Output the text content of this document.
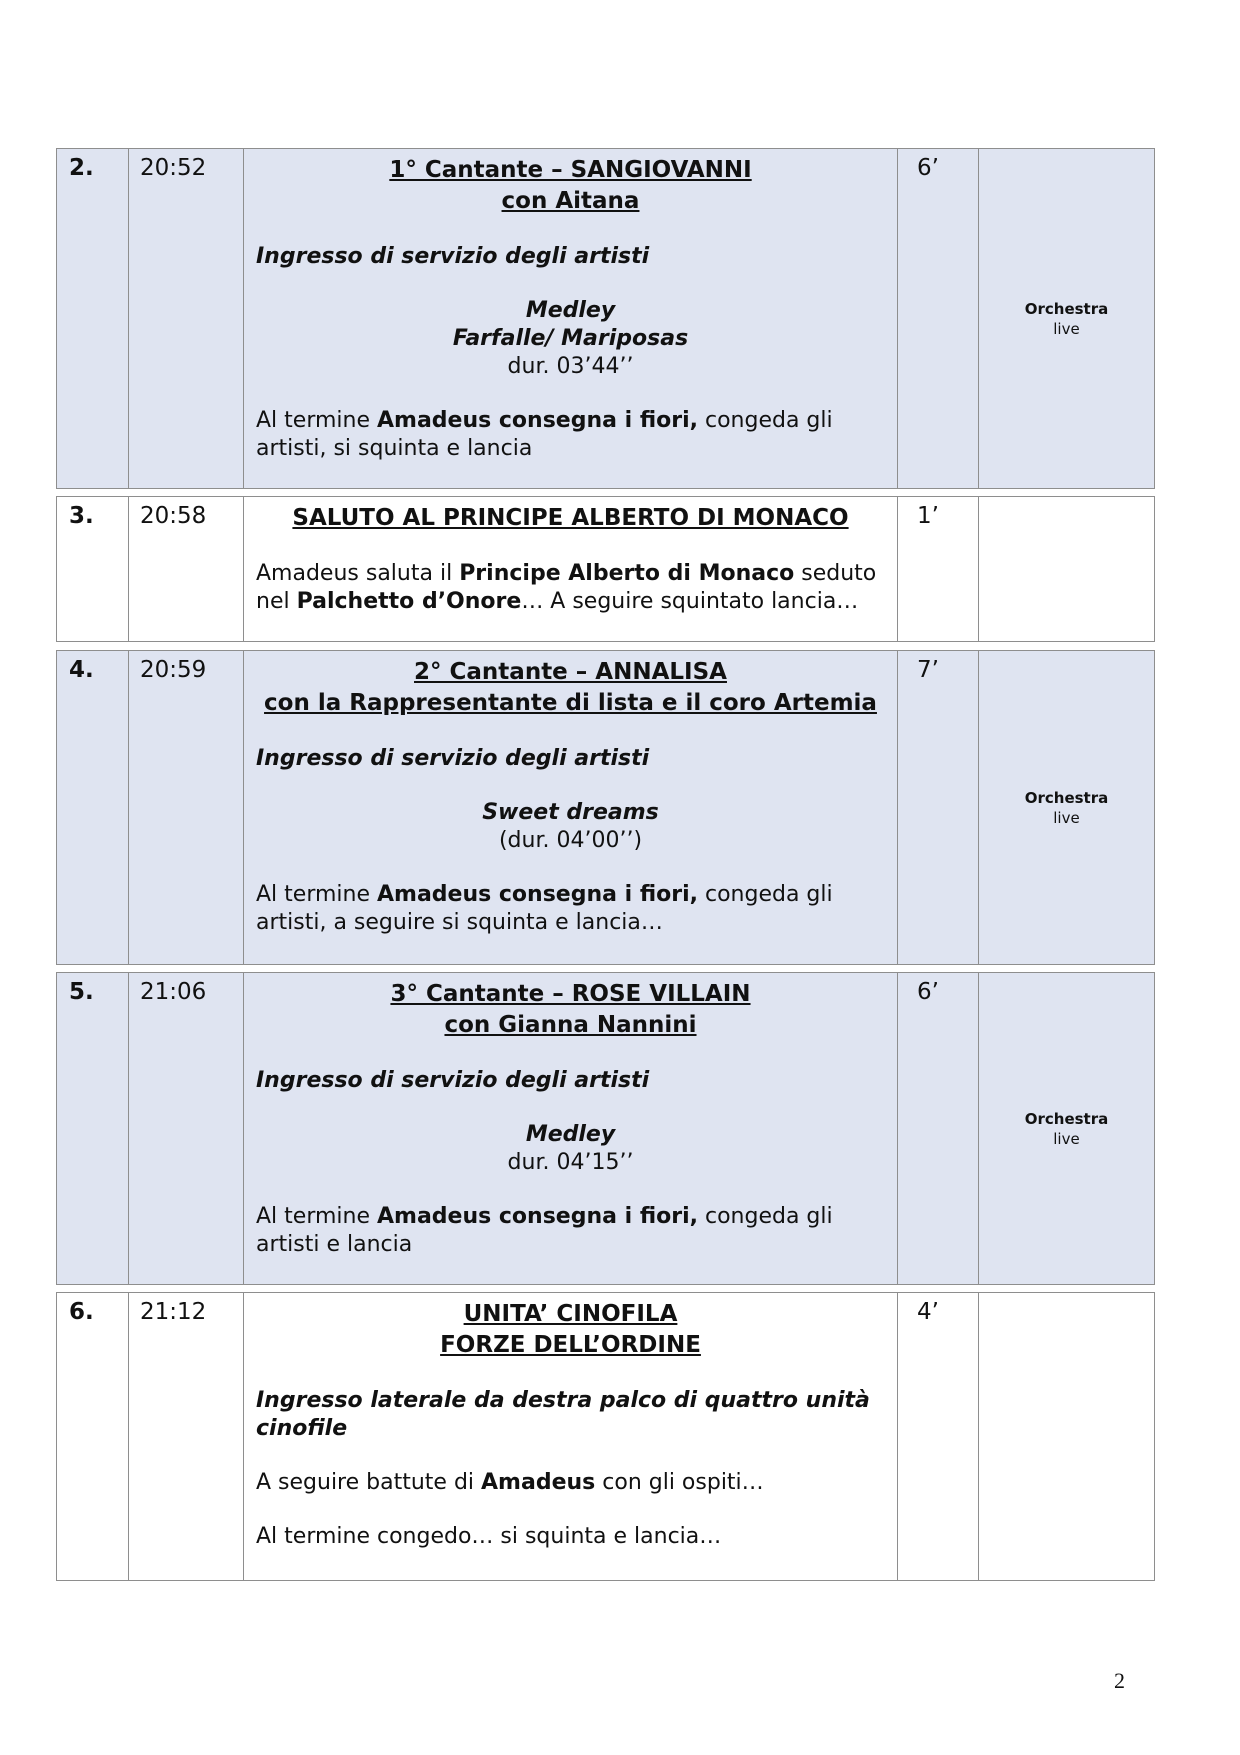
2.	20:52	1° Cantante – SANGIOVANNI
con Aitana
Ingresso di servizio degli artisti
Medley
Farfalle/ Mariposas
dur. 03’44’’
Al termine Amadeus consegna i fiori, congeda gli artisti, si squinta e lancia
	6’	
Orchestra
live
3.	20:58	SALUTO AL PRINCIPE ALBERTO DI MONACO
Amadeus saluta il Principe Alberto di Monaco seduto nel Palchetto d’Onore… A seguire squintato lancia…
	1’	
4.	20:59	2° Cantante – ANNALISA
con la Rappresentante di lista e il coro Artemia
Ingresso di servizio degli artisti
Sweet dreams
(dur. 04’00’’)
Al termine Amadeus consegna i fiori, congeda gli artisti, a seguire si squinta e lancia…
	7’	
Orchestra
live
5.	21:06	3° Cantante – ROSE VILLAIN
con Gianna Nannini
Ingresso di servizio degli artisti
Medley
dur. 04’15’’
Al termine Amadeus consegna i fiori, congeda gli artisti e lancia
	6’	
Orchestra
live
6.	21:12	UNITA’ CINOFILA
FORZE DELL’ORDINE
Ingresso laterale da destra palco di quattro unità cinofile
A seguire battute di Amadeus con gli ospiti…
Al termine congedo… si squinta e lancia…
	4’	
2
